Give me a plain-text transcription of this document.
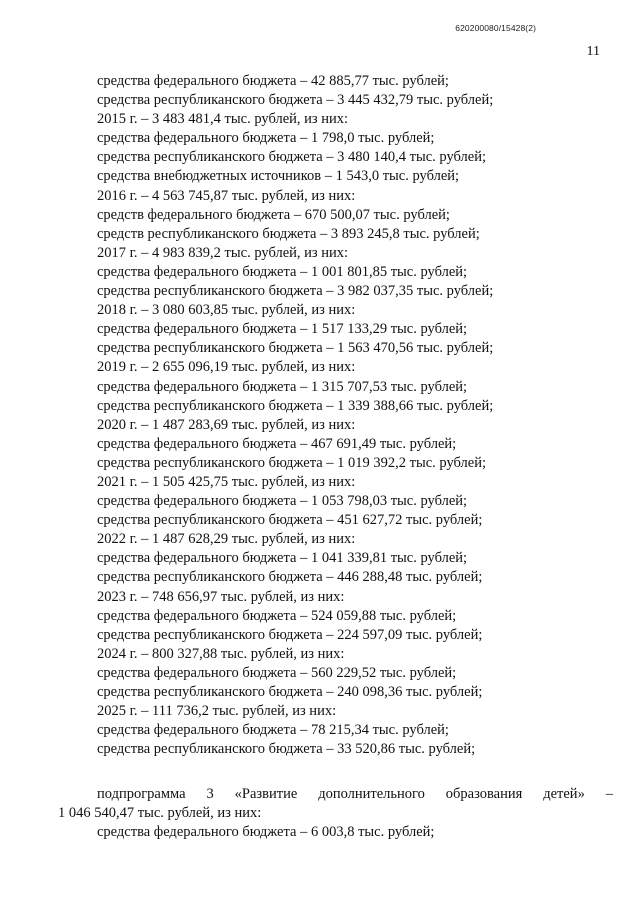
620200080/15428(2)
11
средства федерального бюджета – 42 885,77 тыс. рублей;
средства республиканского бюджета – 3 445 432,79 тыс. рублей;
2015 г. – 3 483 481,4 тыс. рублей, из них:
средства федерального бюджета – 1 798,0 тыс. рублей;
средства республиканского бюджета – 3 480 140,4 тыс. рублей;
средства внебюджетных источников – 1 543,0 тыс. рублей;
2016 г. – 4 563 745,87 тыс. рублей, из них:
средств федерального бюджета – 670 500,07 тыс. рублей;
средств республиканского бюджета – 3 893 245,8 тыс. рублей;
2017 г. – 4 983 839,2 тыс. рублей, из них:
средства федерального бюджета – 1 001 801,85 тыс. рублей;
средства республиканского бюджета – 3 982 037,35 тыс. рублей;
2018 г. – 3 080 603,85 тыс. рублей, из них:
средства федерального бюджета – 1 517 133,29 тыс. рублей;
средства республиканского бюджета – 1 563 470,56 тыс. рублей;
2019 г. – 2 655 096,19 тыс. рублей, из них:
средства федерального бюджета – 1 315 707,53 тыс. рублей;
средства республиканского бюджета – 1 339 388,66 тыс. рублей;
2020 г. – 1 487 283,69 тыс. рублей, из них:
средства федерального бюджета – 467 691,49 тыс. рублей;
средства республиканского бюджета – 1 019 392,2 тыс. рублей;
2021 г. – 1 505 425,75 тыс. рублей, из них:
средства федерального бюджета – 1 053 798,03 тыс. рублей;
средства республиканского бюджета – 451 627,72 тыс. рублей;
2022 г. – 1 487 628,29 тыс. рублей, из них:
средства федерального бюджета – 1 041 339,81 тыс. рублей;
средства республиканского бюджета – 446 288,48 тыс. рублей;
2023 г. – 748 656,97 тыс. рублей, из них:
средства федерального бюджета – 524 059,88 тыс. рублей;
средства республиканского бюджета – 224 597,09 тыс. рублей;
2024 г. – 800 327,88 тыс. рублей, из них:
средства федерального бюджета – 560 229,52 тыс. рублей;
средства республиканского бюджета – 240 098,36 тыс. рублей;
2025 г. – 111 736,2 тыс. рублей, из них:
средства федерального бюджета – 78 215,34 тыс. рублей;
средства республиканского бюджета – 33 520,86 тыс. рублей;
подпрограмма 3 «Развитие дополнительного образования детей» –
1 046 540,47 тыс. рублей, из них:
средства федерального бюджета – 6 003,8 тыс. рублей;
